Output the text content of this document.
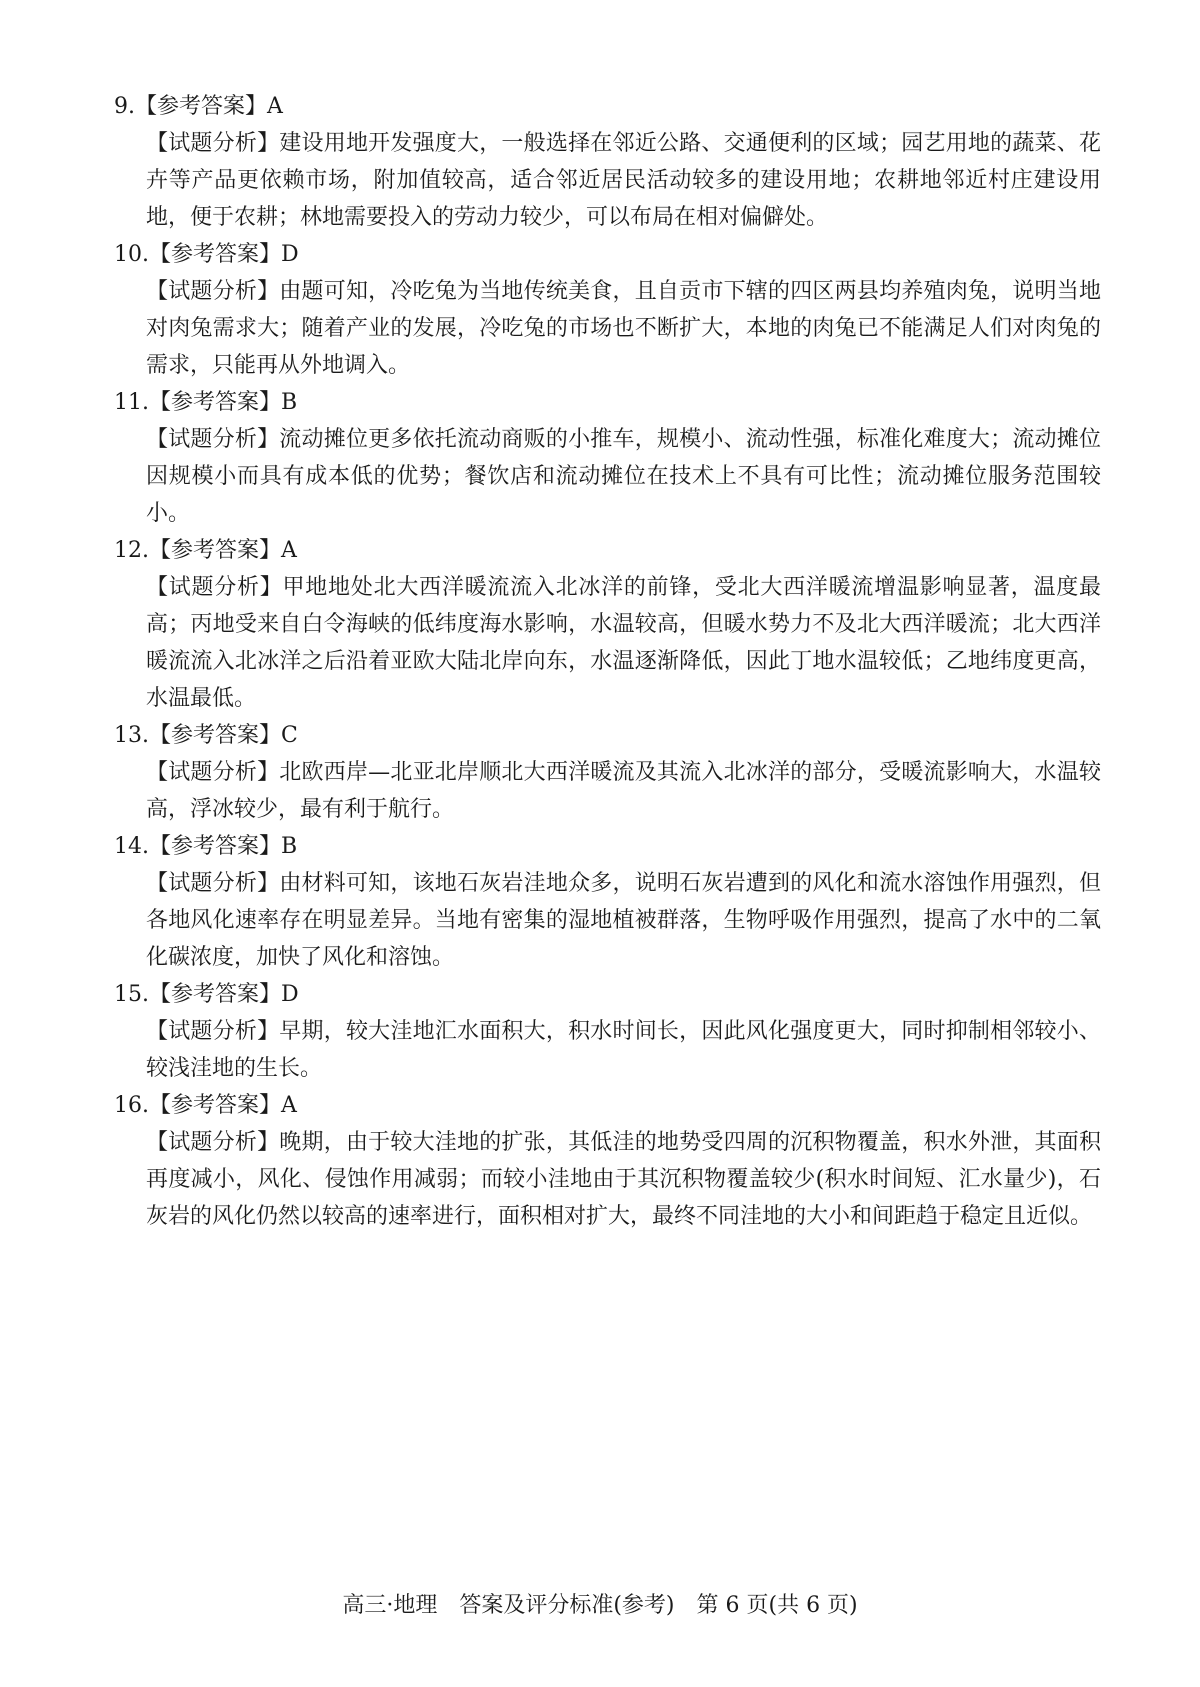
9.【参考答案】A
【试题分析】建设用地开发强度大，一般选择在邻近公路、交通便利的区域；园艺用地的蔬菜、花卉等产品更依赖市场，附加值较高，适合邻近居民活动较多的建设用地；农耕地邻近村庄建设用地，便于农耕；林地需要投入的劳动力较少，可以布局在相对偏僻处。
10.【参考答案】D
【试题分析】由题可知，冷吃兔为当地传统美食，且自贡市下辖的四区两县均养殖肉兔，说明当地对肉兔需求大；随着产业的发展，冷吃兔的市场也不断扩大，本地的肉兔已不能满足人们对肉兔的需求，只能再从外地调入。
11.【参考答案】B
【试题分析】流动摊位更多依托流动商贩的小推车，规模小、流动性强，标准化难度大；流动摊位因规模小而具有成本低的优势；餐饮店和流动摊位在技术上不具有可比性；流动摊位服务范围较小。
12.【参考答案】A
【试题分析】甲地地处北大西洋暖流流入北冰洋的前锋，受北大西洋暖流增温影响显著，温度最高；丙地受来自白令海峡的低纬度海水影响，水温较高，但暖水势力不及北大西洋暖流；北大西洋暖流流入北冰洋之后沿着亚欧大陆北岸向东，水温逐渐降低，因此丁地水温较低；乙地纬度更高，水温最低。
13.【参考答案】C
【试题分析】北欧西岸—北亚北岸顺北大西洋暖流及其流入北冰洋的部分，受暖流影响大，水温较高，浮冰较少，最有利于航行。
14.【参考答案】B
【试题分析】由材料可知，该地石灰岩洼地众多，说明石灰岩遭到的风化和流水溶蚀作用强烈，但各地风化速率存在明显差异。当地有密集的湿地植被群落，生物呼吸作用强烈，提高了水中的二氧化碳浓度，加快了风化和溶蚀。
15.【参考答案】D
【试题分析】早期，较大洼地汇水面积大，积水时间长，因此风化强度更大，同时抑制相邻较小、较浅洼地的生长。
16.【参考答案】A
【试题分析】晚期，由于较大洼地的扩张，其低洼的地势受四周的沉积物覆盖，积水外泄，其面积再度减小，风化、侵蚀作用减弱；而较小洼地由于其沉积物覆盖较少(积水时间短、汇水量少)，石灰岩的风化仍然以较高的速率进行，面积相对扩大，最终不同洼地的大小和间距趋于稳定且近似。
高三·地理　答案及评分标准(参考)　第 6 页(共 6 页)
